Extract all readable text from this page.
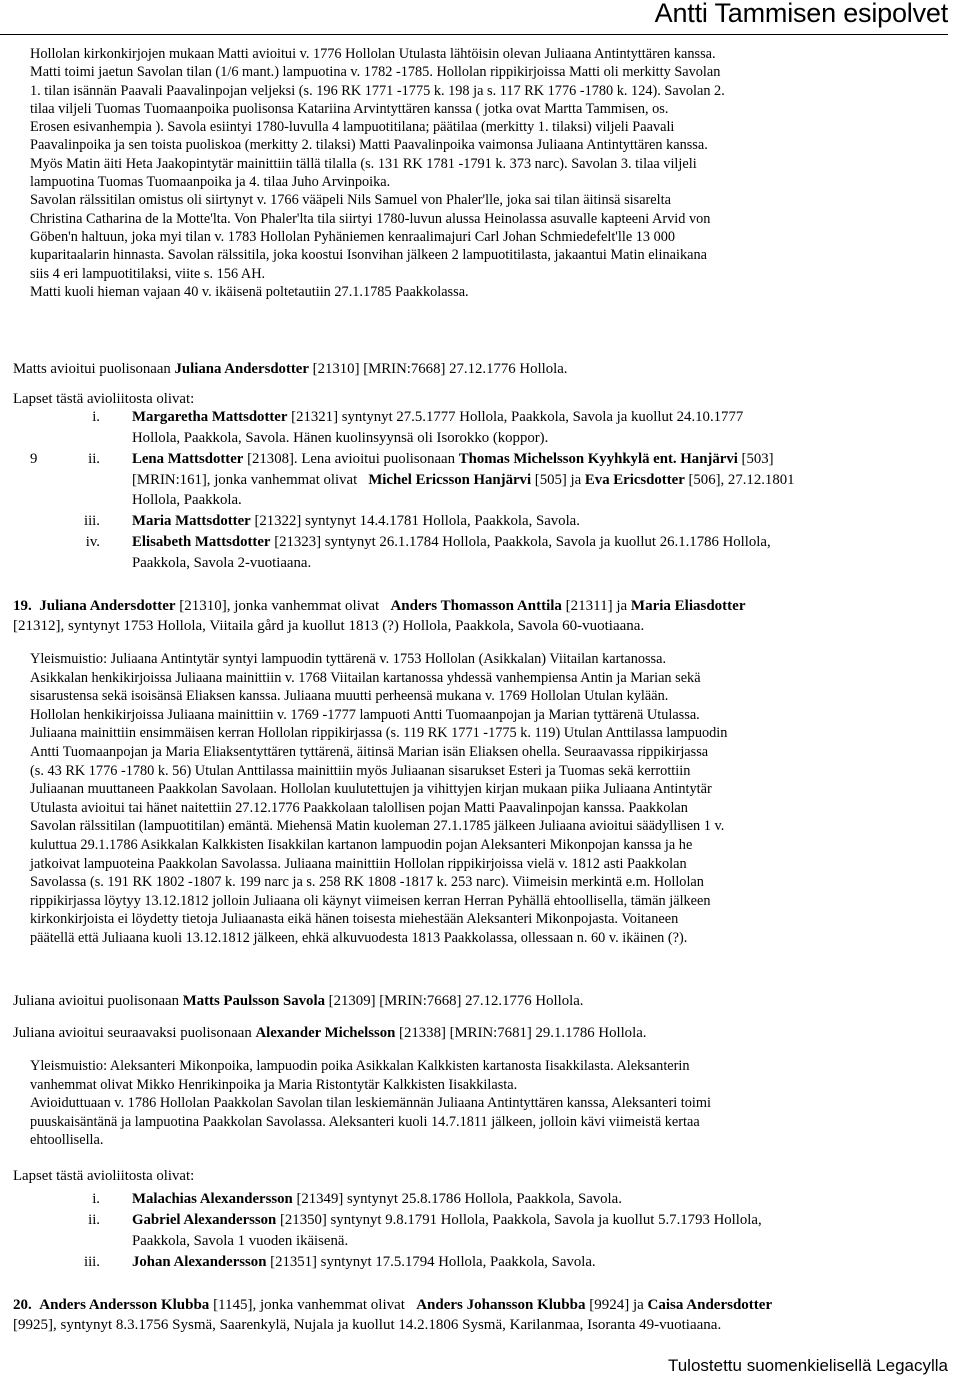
Antti Tammisen esipolvet
Hollolan kirkonkirjojen mukaan Matti avioitui v. 1776 Hollolan Utulasta lähtöisin olevan Juliaana Antintyttären kanssa.
Matti toimi jaetun Savolan tilan (1/6 mant.) lampuotina v. 1782 -1785. Hollolan rippikirjoissa Matti oli merkitty Savolan
1. tilan isännän Paavali Paavalinpojan veljeksi (s. 196 RK 1771 -1775 k. 198 ja s. 117 RK 1776 -1780 k. 124). Savolan 2.
tilaa viljeli Tuomas Tuomaanpoika puolisonsa Katariina Arvintyttären kanssa ( jotka ovat Martta Tammisen, os.
Erosen esivanhempia ). Savola esiintyi 1780-luvulla 4 lampuotitilana; päätilaa (merkitty 1. tilaksi) viljeli Paavali
Paavalinpoika ja sen toista puoliskoa (merkitty 2. tilaksi) Matti Paavalinpoika vaimonsa Juliaana Antintyttären kanssa.
Myös Matin äiti Heta Jaakopintytär mainittiin tällä tilalla (s. 131 RK 1781 -1791 k. 373 narc). Savolan 3. tilaa viljeli
lampuotina Tuomas Tuomaanpoika ja 4. tilaa Juho Arvinpoika.
Savolan rälssitilan omistus oli siirtynyt v. 1766 vääpeli Nils Samuel von Phaler'lle, joka sai tilan äitinsä sisarelta
Christina Catharina de la Motte'lta. Von Phaler'lta tila siirtyi 1780-luvun alussa Heinolassa asuvalle kapteeni Arvid von
Göben'n haltuun, joka myi tilan v. 1783 Hollolan Pyhäniemen kenraalimajuri Carl Johan Schmiedefelt'lle 13 000
kuparitaalarin hinnasta. Savolan rälssitila, joka koostui Isonvihan jälkeen 2 lampuotitilasta, jakaantui Matin elinaikana
siis 4 eri lampuotitilaksi, viite s. 156 AH.
Matti kuoli hieman vajaan 40 v. ikäisenä poltetautiin 27.1.1785 Paakkolassa.
Matts avioitui puolisonaan Juliana Andersdotter [21310] [MRIN:7668] 27.12.1776 Hollola.
Lapset tästä avioliitosta olivat:
i. Margaretha Mattsdotter [21321] syntynyt 27.5.1777 Hollola, Paakkola, Savola ja kuollut 24.10.1777
Hollola, Paakkola, Savola. Hänen kuolinsyynsä oli Isorokko (koppor).
9	ii. Lena Mattsdotter [21308]. Lena avioitui puolisonaan Thomas Michelsson Kyyhkylä ent. Hanjärvi [503]
[MRIN:161], jonka vanhemmat olivat Michel Ericsson Hanjärvi [505] ja Eva Ericsdotter [506], 27.12.1801
Hollola, Paakkola.
iii. Maria Mattsdotter [21322] syntynyt 14.4.1781 Hollola, Paakkola, Savola.
iv. Elisabeth Mattsdotter [21323] syntynyt 26.1.1784 Hollola, Paakkola, Savola ja kuollut 26.1.1786 Hollola,
Paakkola, Savola 2-vuotiaana.
19. Juliana Andersdotter [21310], jonka vanhemmat olivat Anders Thomasson Anttila [21311] ja Maria Eliasdotter
[21312], syntynyt 1753 Hollola, Viitaila gård ja kuollut 1813 (?) Hollola, Paakkola, Savola 60-vuotiaana.
Yleismuistio: Juliaana Antintytär syntyi lampuodin tyttärenä v. 1753 Hollolan (Asikkalan) Viitailan kartanossa.
Asikkalan henkikirjoissa Juliaana mainittiin v. 1768 Viitailan kartanossa yhdessä vanhempiensa Antin ja Marian sekä
sisarustensa sekä isoisänsä Eliaksen kanssa. Juliaana muutti perheensä mukana v. 1769 Hollolan Utulan kylään.
Hollolan henkikirjoissa Juliaana mainittiin v. 1769 -1777 lampuoti Antti Tuomaanpojan ja Marian tyttärenä Utulassa.
Juliaana mainittiin ensimmäisen kerran Hollolan rippikirjassa (s. 119 RK 1771 -1775 k. 119) Utulan Anttilassa lampuodin
Antti Tuomaanpojan ja Maria Eliaksentyttären tyttärenä, äitinsä Marian isän Eliaksen ohella. Seuraavassa rippikirjassa
(s. 43 RK 1776 -1780 k. 56) Utulan Anttilassa mainittiin myös Juliaanan sisarukset Esteri ja Tuomas sekä kerrottiin
Juliaanan muuttaneen Paakkolan Savolaan. Hollolan kuulutettujen ja vihittyjen kirjan mukaan piika Juliaana Antintytär
Utulasta avioitui tai hänet naitettiin 27.12.1776 Paakkolaan talollisen pojan Matti Paavalinpojan kanssa. Paakkolan
Savolan rälssitilan (lampuotitilan) emäntä. Miehensä Matin kuoleman 27.1.1785 jälkeen Juliaana avioitui säädyllisen 1 v.
kuluttua 29.1.1786 Asikkalan Kalkkisten Iisakkilan kartanon lampuodin pojan Aleksanteri Mikonpojan kanssa ja he
jatkoivat lampuoteina Paakkolan Savolassa. Juliaana mainittiin Hollolan rippikirjoissa vielä v. 1812 asti Paakkolan
Savolassa (s. 191 RK 1802 -1807 k. 199 narc ja s. 258 RK 1808 -1817 k. 253 narc). Viimeisin merkintä e.m. Hollolan
rippikirjassa löytyy 13.12.1812 jolloin Juliaana oli käynyt viimeisen kerran Herran Pyhällä ehtoollisella, tämän jälkeen
kirkonkirjoista ei löydetty tietoja Juliaanasta eikä hänen toisesta miehestään Aleksanteri Mikonpojasta. Voitaneen
päätellä että Juliaana kuoli 13.12.1812 jälkeen, ehkä alkuvuodesta 1813 Paakkolassa, ollessaan n. 60 v. ikäinen (?).
Juliana avioitui puolisonaan Matts Paulsson Savola [21309] [MRIN:7668] 27.12.1776 Hollola.
Juliana avioitui seuraavaksi puolisonaan Alexander Michelsson [21338] [MRIN:7681] 29.1.1786 Hollola.
Yleismuistio: Aleksanteri Mikonpoika, lampuodin poika Asikkalan Kalkkisten kartanosta Iisakkilasta. Aleksanterin
vanhemmat olivat Mikko Henrikinpoika ja Maria Ristontytär Kalkkisten Iisakkilasta.
Avioiduttuaan v. 1786 Hollolan Paakkolan Savolan tilan leskiemännän Juliaana Antintyttären kanssa, Aleksanteri toimi
puuskaisäntänä ja lampuotina Paakkolan Savolassa. Aleksanteri kuoli 14.7.1811 jälkeen, jolloin kävi viimeistä kertaa
ehtoollisella.
Lapset tästä avioliitosta olivat:
i. Malachias Alexandersson [21349] syntynyt 25.8.1786 Hollola, Paakkola, Savola.
ii. Gabriel Alexandersson [21350] syntynyt 9.8.1791 Hollola, Paakkola, Savola ja kuollut 5.7.1793 Hollola,
Paakkola, Savola 1 vuoden ikäisenä.
iii. Johan Alexandersson [21351] syntynyt 17.5.1794 Hollola, Paakkola, Savola.
20. Anders Andersson Klubba [1145], jonka vanhemmat olivat Anders Johansson Klubba [9924] ja Caisa Andersdotter
[9925], syntynyt 8.3.1756 Sysmä, Saarenkylä, Nujala ja kuollut 14.2.1806 Sysmä, Karilanmaa, Isoranta 49-vuotiaana.
Tulostettu suomenkielisellä Legacylla
